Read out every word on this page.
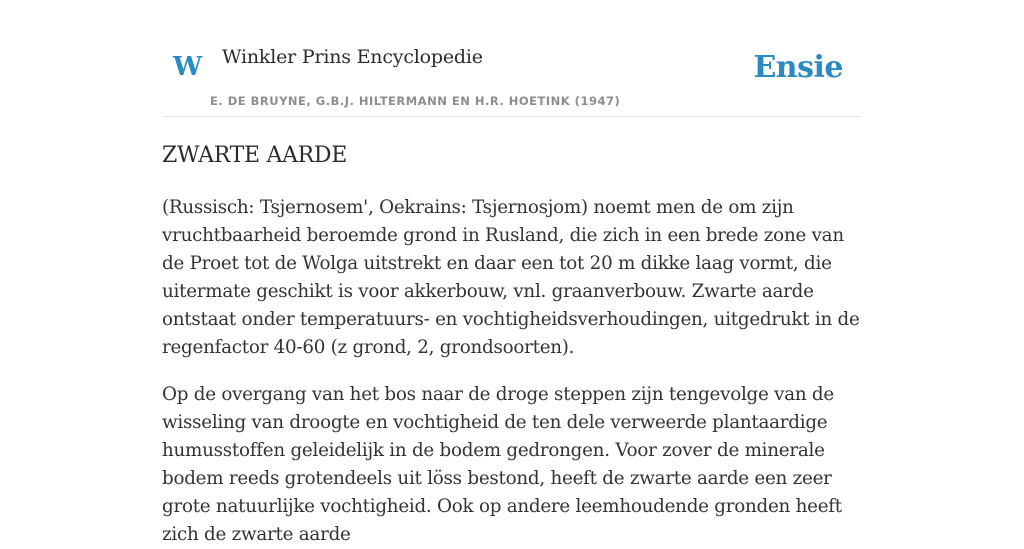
W Winkler Prins Encyclopedie
E. DE BRUYNE, G.B.J. HILTERMANN EN H.R. HOETINK (1947)
Ensie
ZWARTE AARDE

(Russisch: Tsjernosem', Oekrains: Tsjernosjom) noemt men de om zijn vruchtbaarheid beroemde grond in Rusland, die zich in een brede zone van de Proet tot de Wolga uitstrekt en daar een tot 20 m dikke laag vormt, die uitermate geschikt is voor akkerbouw, vnl. graanverbouw. Zwarte aarde ontstaat onder temperatuurs- en vochtigheidsverhoudingen, uitgedrukt in de regenfactor 40-60 (z grond, 2, grondsoorten).

Op de overgang van het bos naar de droge steppen zijn tengevolge van de wisseling van droogte en vochtigheid de ten dele verweerde plantaardige humusstoffen geleidelijk in de bodem gedrongen. Voor zover de minerale bodem reeds grotendeels uit löss bestond, heeft de zwarte aarde een zeer grote natuurlijke vochtigheid. Ook op andere leemhoudende gronden heeft zich de zwarte aarde
